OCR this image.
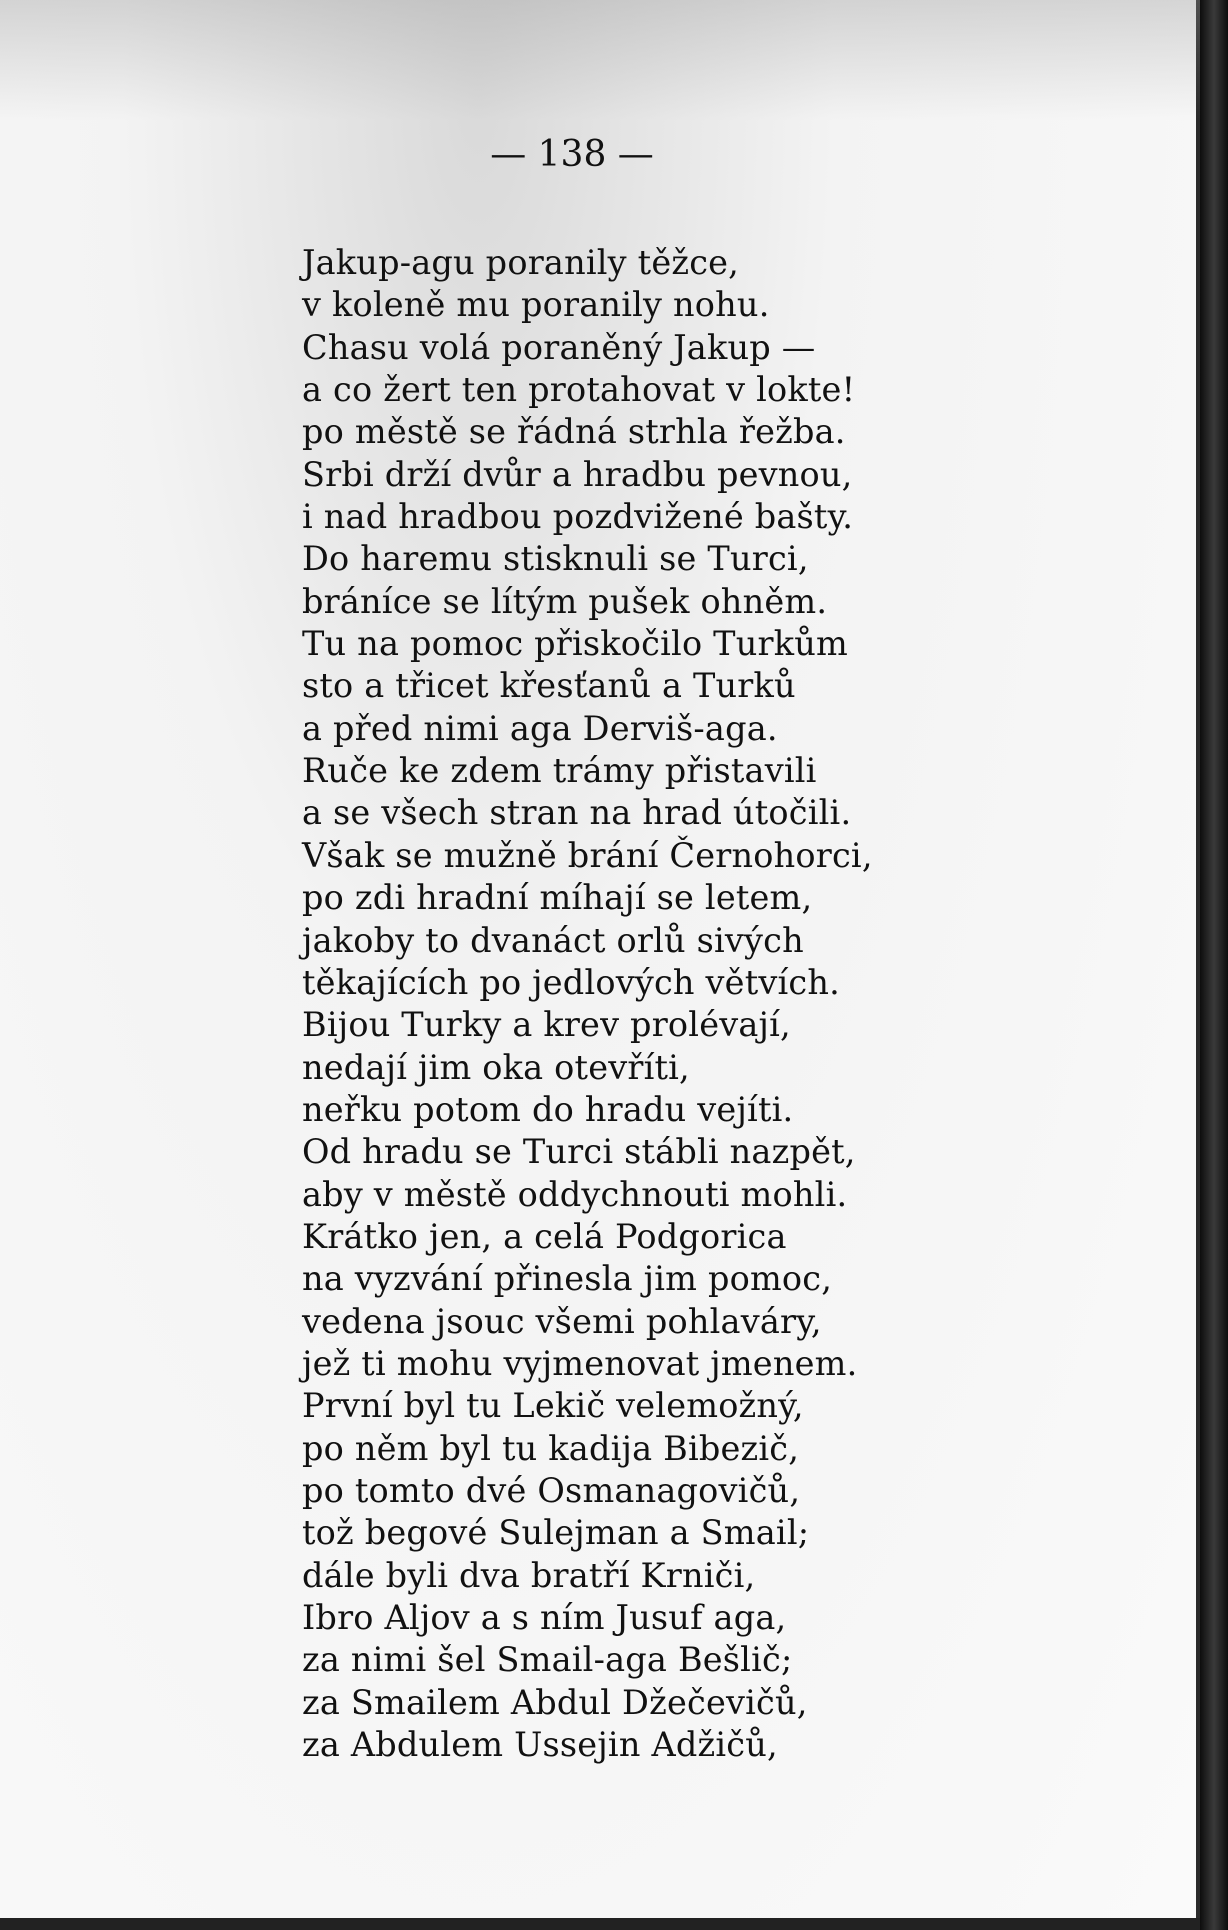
— 138 —
Jakup-agu poranily těžce,
v koleně mu poranily nohu.
Chasu volá poraněný Jakup —
a co žert ten protahovat v lokte!
po městě se řádná strhla řežba.
Srbi drží dvůr a hradbu pevnou,
i nad hradbou pozdvižené bašty.
Do haremu stisknuli se Turci,
bráníce se lítým pušek ohněm.
Tu na pomoc přiskočilo Turkům
sto a třicet křesťanů a Turků
a před nimi aga Derviš-aga.
Ruče ke zdem trámy přistavili
a se všech stran na hrad útočili.
Však se mužně brání Černohorci,
po zdi hradní míhají se letem,
jakoby to dvanáct orlů sivých
těkajících po jedlových větvích.
Bijou Turky a krev prolévají,
nedají jim oka otevříti,
neřku potom do hradu vejíti.
Od hradu se Turci stábli nazpět,
aby v městě oddychnouti mohli.
Krátko jen, a celá Podgorica
na vyzvání přinesla jim pomoc,
vedena jsouc všemi pohlaváry,
jež ti mohu vyjmenovat jmenem.
První byl tu Lekič velemožný,
po něm byl tu kadija Bibezič,
po tomto dvé Osmanagovičů,
tož begové Sulejman a Smail;
dále byli dva bratří Krniči,
Ibro Aljov a s ním Jusuf aga,
za nimi šel Smail-aga Bešlič;
za Smailem Abdul Džečevičů,
za Abdulem Ussejin Adžičů,
